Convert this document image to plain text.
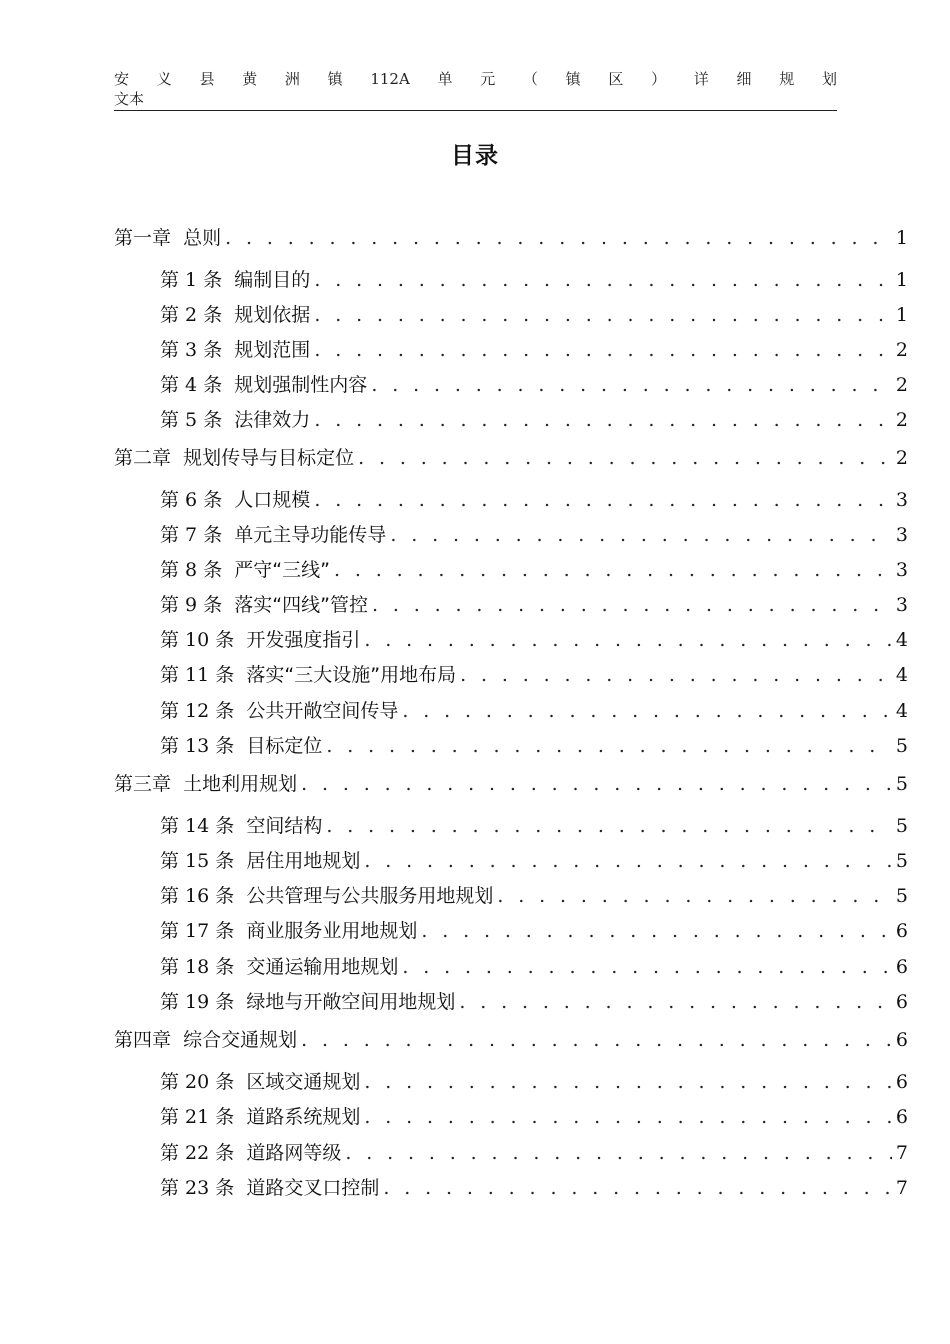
安 义 县 黄 洲 镇 112A 单 元 （ 镇 区 ） 详 细 规 划
文本
目录
第一章 总则 . . .	1
第 1 条 编制目的 . . .	1
第 2 条 规划依据 . . .	1
第 3 条 规划范围 . . .	2
第 4 条 规划强制性内容 . . .	2
第 5 条 法律效力 . . .	2
第二章 规划传导与目标定位 . . .	2
第 6 条 人口规模 . . .	3
第 7 条 单元主导功能传导 . . .	3
第 8 条 严守“三线” . . .	3
第 9 条 落实“四线”管控 . . .	3
第 10 条 开发强度指引 . . .	4
第 11 条 落实“三大设施”用地布局 . . .	4
第 12 条 公共开敞空间传导 . . .	4
第 13 条 目标定位 . . .	5
第三章 土地利用规划 . . .	5
第 14 条 空间结构 . . .	5
第 15 条 居住用地规划 . . .	5
第 16 条 公共管理与公共服务用地规划 . . .	5
第 17 条 商业服务业用地规划 . . .	6
第 18 条 交通运输用地规划 . . .	6
第 19 条 绿地与开敞空间用地规划 . . .	6
第四章 综合交通规划 . . .	6
第 20 条 区域交通规划 . . .	6
第 21 条 道路系统规划 . . .	6
第 22 条 道路网等级 . . .	7
第 23 条 道路交叉口控制 . . .	7
